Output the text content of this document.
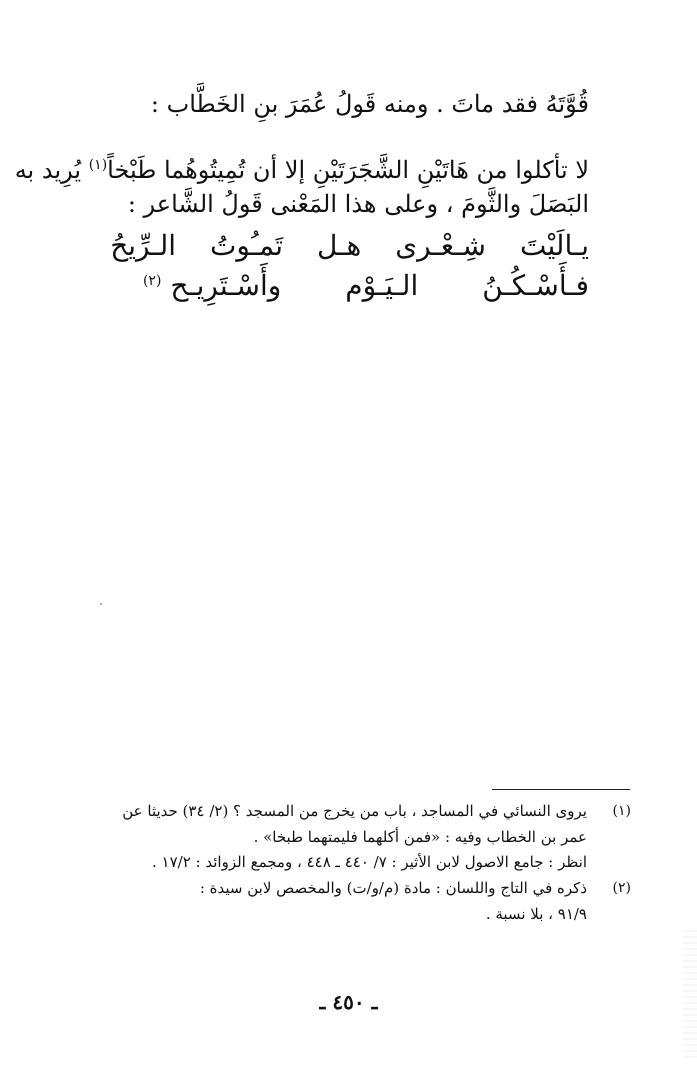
قُوَّتَهُ فقد ماتَ . ومنه قَولُ عُمَرَ بنِ الخَطَّاب :
لا تأكلوا من هَاتَيْنِ الشَّجَرَتَيْنِ إلا أن تُمِيتُوهُما طَبْخاً$^{(١)}$ يُرِيد به
البَصَلَ والثَّومَ ، وعلى هذا المَعْنى قَولُ الشَّاعر :
يـالَيْتَشِـعْـرىهـلتَمـُوتُالـرِّيحُ
فـأَسْـكُـنُالـيَـوْموأَسْـتَرِيـح (٢)
(١)
يروى النسائي في المساجد ، باب من يخرج من المسجد ؟ (٢/ ٣٤) حديثا عن
عمر بن الخطاب وفيه : «فمن أكلهما فليمتهما طبخا» .
انظر : جامع الاصول لابن الأثير : ٧/ ٤٤٠ ـ ٤٤٨ ، ومجمع الزوائد : ١٧/٢ .
(٢)
ذكره في التاج واللسان : مادة (م/و/ت) والمخصص لابن سيدة :
٩١/٩ ، بلا نسبة .
ـ ٤٥٠ ـ
